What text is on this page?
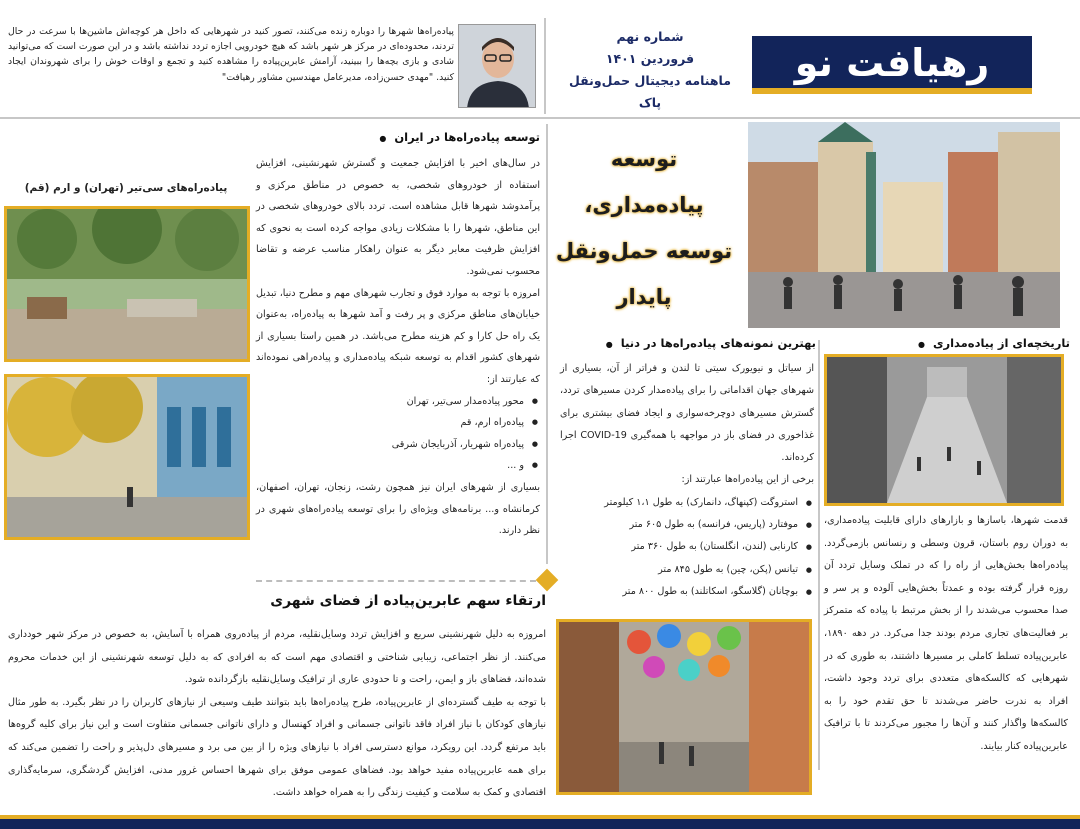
رهیافت نو
شماره نهم
فروردین ۱۴۰۱
ماهنامه دیجیتال حمل‌ونقل پاک
پیاده‌راه‌ها شهرها را دوباره زنده می‌کنند، تصور کنید در شهرهایی که داخل هر کوچه‌اش ماشین‌ها با سرعت در حال تردند، محدوده‌ای در مرکز هر شهر باشد که هیچ خودرویی اجازه تردد نداشته باشد و در این صورت است که می‌توانید شادی و بازی بچه‌ها را ببینید، آرامش عابرین‌پیاده را مشاهده کنید و تجمع و اوقات خوش را برای شهروندان ایجاد کنید. "مهدی حسن‌زاده، مدیرعامل مهندسین مشاور رهیافت"
توسعه پیاده‌مداری،
توسعه حمل‌ونقل پایدار
توسعه پیاده‌راه‌ها در ایران ●

در سال‌های اخیر با افزایش جمعیت و گسترش شهرنشینی، افزایش استفاده از خودروهای شخصی، به خصوص در مناطق مرکزی و پرآمدوشد شهرها قابل مشاهده است. تردد بالای خودروهای شخصی در این مناطق، شهرها را با مشکلات زیادی مواجه کرده است به نحوی که افزایش ظرفیت معابر دیگر به عنوان راهکار مناسب عرضه و تقاضا محسوب نمی‌شود.

امروزه با توجه به موارد فوق و تجارب شهرهای مهم و مطرح دنیا، تبدیل خیابان‌های مناطق مرکزی و پر رفت و آمد شهرها به پیاده‌راه، به‌عنوان یک راه حل کارا و کم هزینه مطرح می‌باشد. در همین راستا بسیاری از شهرهای کشور اقدام به توسعه شبکه پیاده‌مداری و پیاده‌راهی نموده‌اند که عبارتند از:

● محور پیاده‌مدار سی‌تیر، تهران
● پیاده‌راه ارم، قم
● پیاده‌راه شهریار، آذربایجان شرقی
● و ...

بسیاری از شهرهای ایران نیز همچون رشت، زنجان، تهران، اصفهان، کرمانشاه و... برنامه‌های ویژه‌ای را برای توسعه پیاده‌راه‌های شهری در نظر دارند.

پیاده‌راه‌های سی‌تیر (تهران) و ارم (قم)
بهترین نمونه‌های پیاده‌راه‌ها در دنیا ●

از سیاتل و نیویورک سیتی تا لندن و فراتر از آن، بسیاری از شهرهای جهان اقداماتی را برای پیاده‌مدار کردن مسیرهای تردد، گسترش مسیرهای دوچرخه‌سواری و ایجاد فضای بیشتری برای غذاخوری در فضای باز در مواجهه با همه‌گیری COVID-19 اجرا کرده‌اند.

برخی از این پیاده‌راه‌ها عبارتند از:

● استروگت (کپنهاگ، دانمارک) به طول ۱،۱ کیلومتر
● موفتارد (پاریس، فرانسه) به طول ۶۰۵ متر
● کارنابی (لندن، انگلستان) به طول ۳۶۰ متر
● تیانس (پکن، چین) به طول ۸۴۵ متر
● بوچانان (گلاسگو، اسکاتلند) به طول ۸۰۰ متر
تاریخچه‌ای از پیاده‌مداری ●
قدمت شهرها، باسازها و بازارهای دارای قابلیت پیاده‌مداری، به دوران روم باستان، قرون وسطی و رنسانس بازمی‌گردد. پیاده‌راه‌ها بخش‌هایی از راه را که در تملک وسایل تردد آن روزه قرار گرفته بوده و عمدتاً بخش‌هایی آلوده و پر سر و صدا محسوب می‌شدند را از بخش مرتبط با پیاده که متمرکز بر فعالیت‌های تجاری مردم بودند جدا می‌کرد. در دهه ۱۸۹۰، عابرین‌پیاده تسلط کاملی بر مسیرها داشتند، به طوری که در شهرهایی که کالسکه‌های متعددی برای تردد وجود داشت، افراد به ندرت حاضر می‌شدند تا حق تقدم خود را به کالسکه‌ها واگذار کنند و آن‌ها را مجبور می‌کردند تا با ترافیک عابرین‌پیاده کنار بیایند.
ارتقاء سهم عابرین‌پیاده از فضای شهری

امروزه به دلیل شهرنشینی سریع و افزایش تردد وسایل‌نقلیه، مردم از پیاده‌روی همراه با آسایش، به خصوص در مرکز شهر خودداری می‌کنند. از نظر اجتماعی، زیبایی شناختی و اقتصادی مهم است که به افرادی که به دلیل توسعه شهرنشینی از این خدمات محروم شده‌اند، فضاهای باز و ایمن، راحت و تا حدودی عاری از ترافیک وسایل‌نقلیه بازگردانده شود.

با توجه به طیف گسترده‌ای از عابرین‌پیاده، طرح پیاده‌راه‌ها باید بتوانند طیف وسیعی از نیازهای کاربران را در نظر بگیرد. به طور مثال نیازهای کودکان با نیاز افراد فاقد ناتوانی جسمانی و افراد کهنسال و دارای ناتوانی جسمانی متفاوت است و این نیاز برای کلیه گروه‌ها باید مرتفع گردد. این رویکرد، موانع دسترسی افراد با نیازهای ویژه را از بین می برد و مسیرهای دل‌پذیر و راحت را تضمین می‌کند که برای همه عابرین‌پیاده مفید خواهد بود. فضاهای عمومی موفق برای شهرها احساس غرور مدنی، افزایش گردشگری، سرمایه‌گذاری اقتصادی و کمک به سلامت و کیفیت زندگی را به همراه خواهد داشت.
